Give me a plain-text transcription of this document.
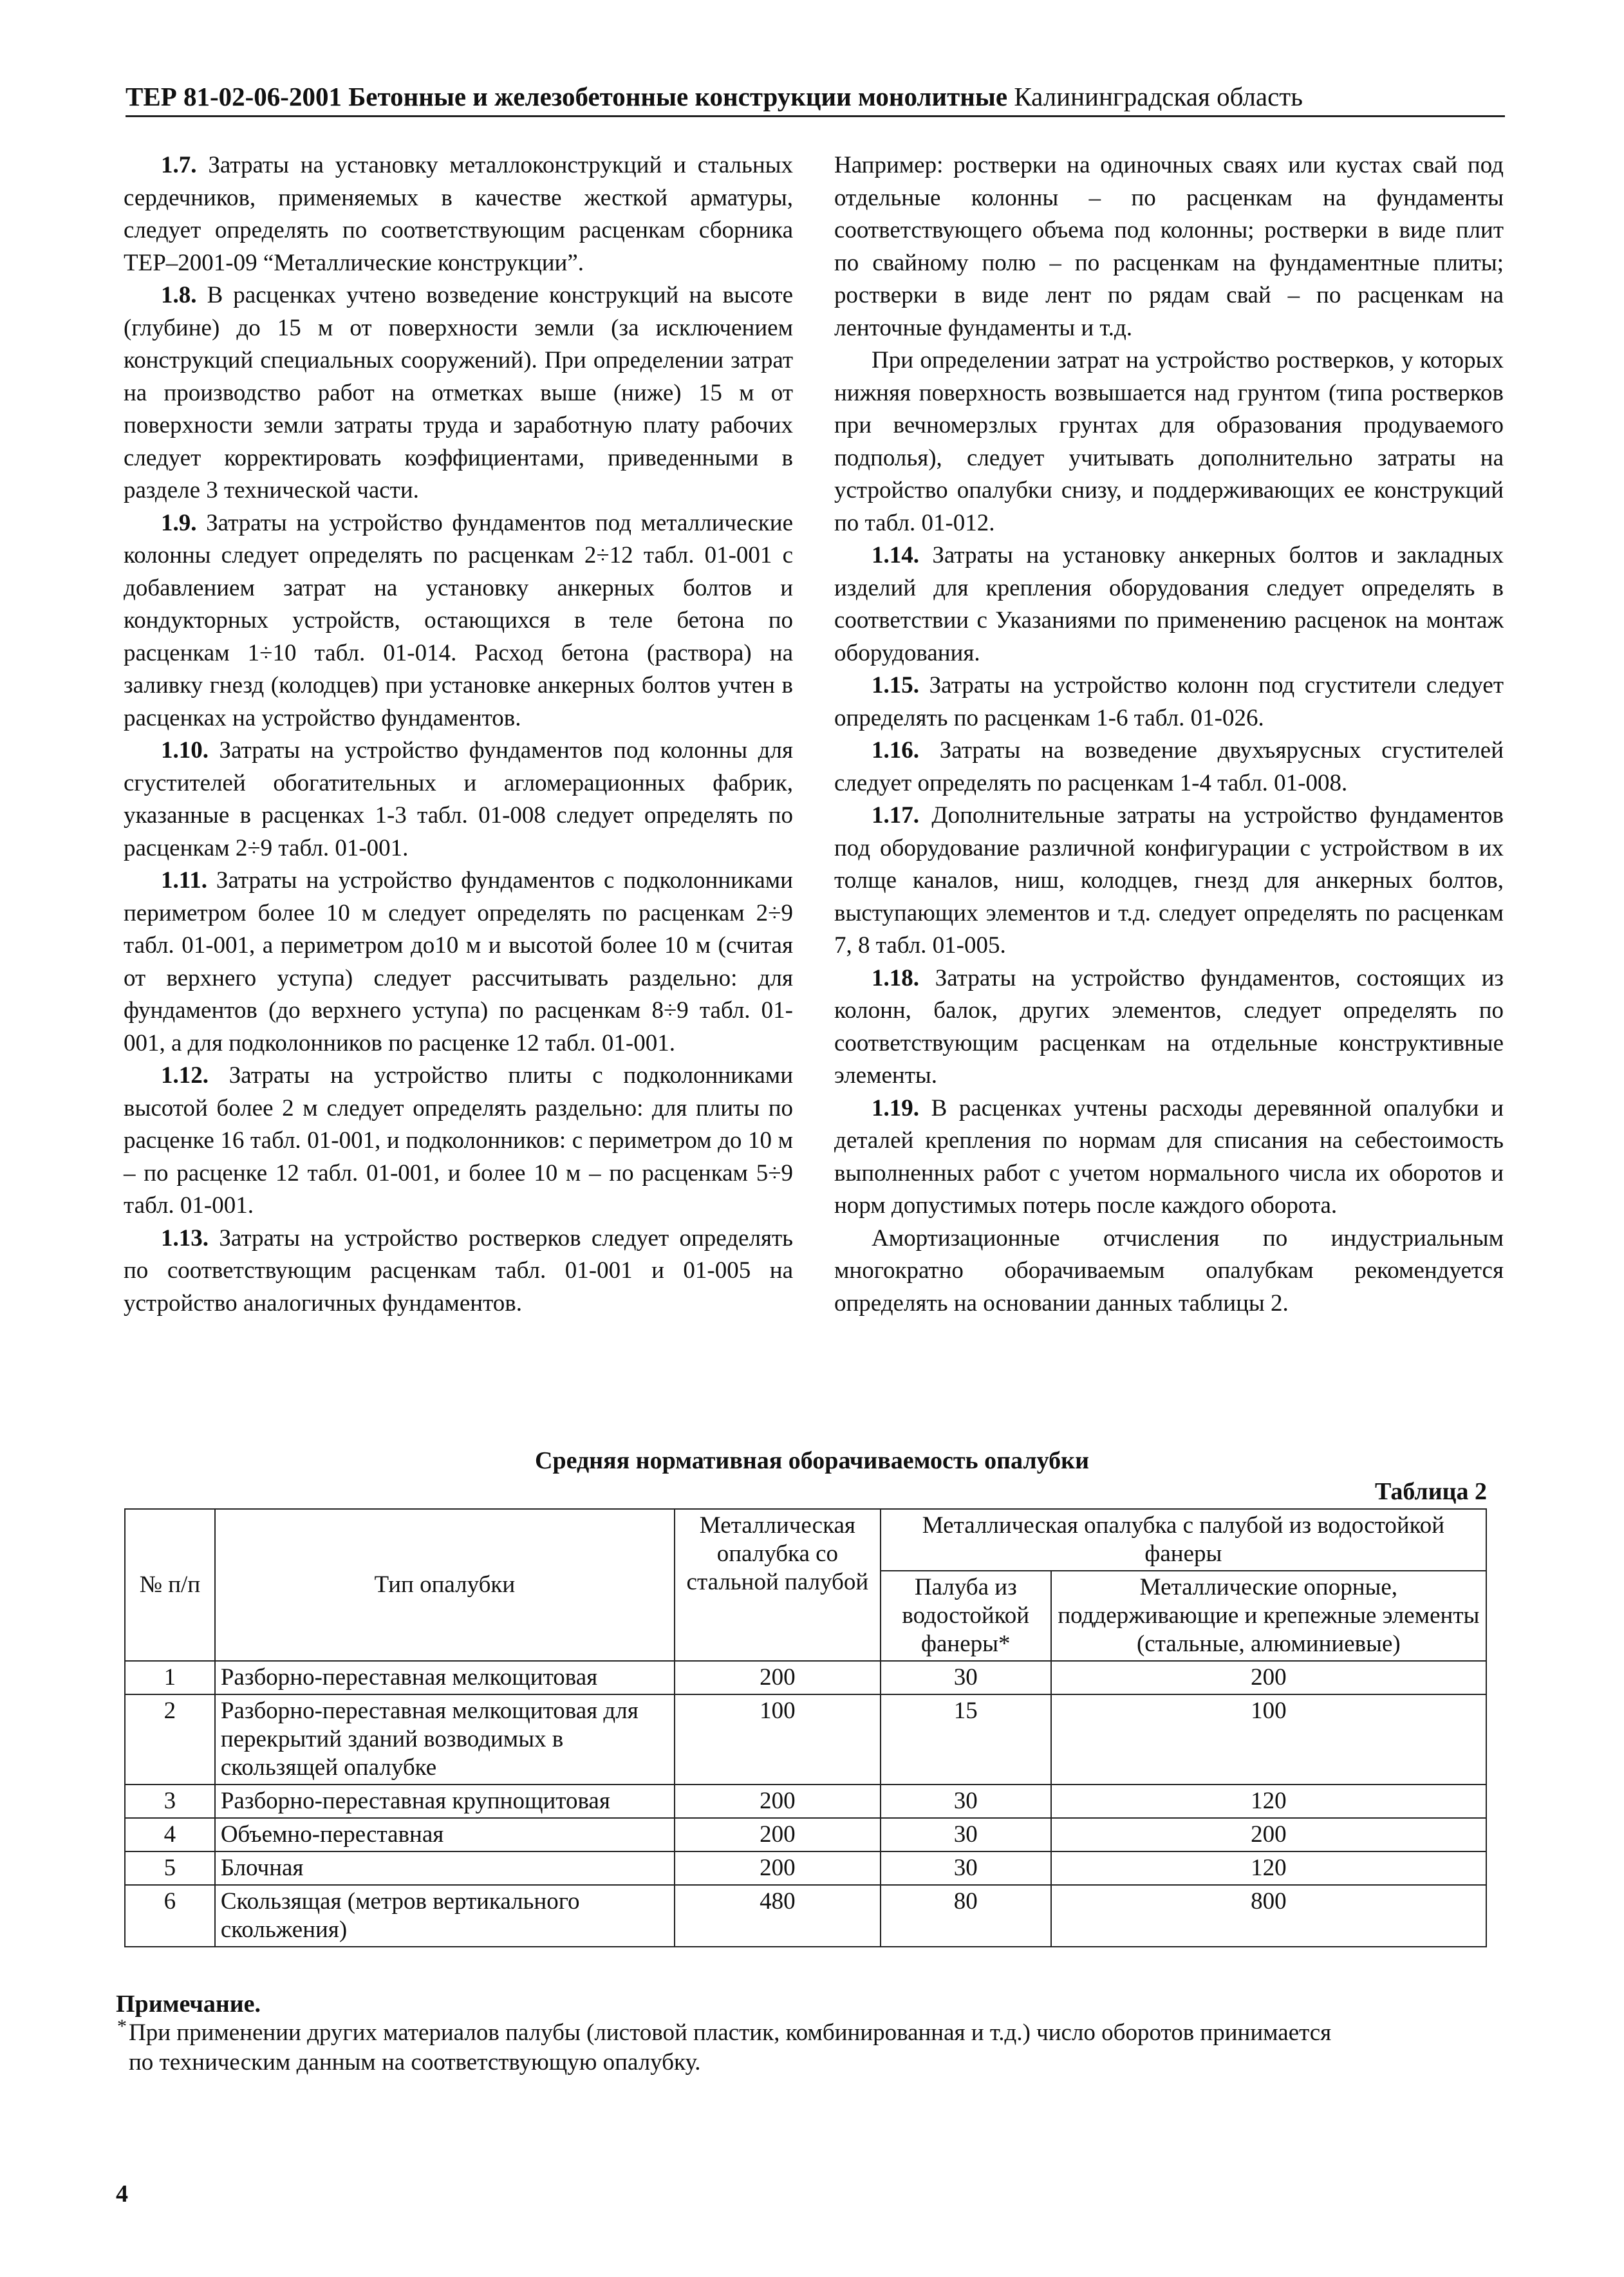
ТЕР 81-02-06-2001 Бетонные и железобетонные конструкции монолитные Калининградская область

1.7. Затраты на установку металлоконструкций и стальных сердечников, применяемых в качестве жесткой арматуры, следует определять по соответствующим расценкам сборника ТЕР–2001-09 “Металлические конструкции”.

1.8. В расценках учтено возведение конструкций на высоте (глубине) до 15 м от поверхности земли (за исключением конструкций специальных сооружений). При определении затрат на производство работ на отметках выше (ниже) 15 м от поверхности земли затраты труда и заработную плату рабочих следует корректировать коэффициентами, приведенными в разделе 3 технической части.

1.9. Затраты на устройство фундаментов под металлические колонны следует определять по расценкам 2÷12 табл. 01-001 с добавлением затрат на установку анкерных болтов и кондукторных устройств, остающихся в теле бетона по расценкам 1÷10 табл. 01-014. Расход бетона (раствора) на заливку гнезд (колодцев) при установке анкерных болтов учтен в расценках на устройство фундаментов.

1.10. Затраты на устройство фундаментов под колонны для сгустителей обогатительных и агломерационных фабрик, указанные в расценках 1-3 табл. 01-008 следует определять по расценкам 2÷9 табл. 01-001.

1.11. Затраты на устройство фундаментов с подколонниками периметром более 10 м следует определять по расценкам 2÷9 табл. 01-001, а периметром до10 м и высотой более 10 м (считая от верхнего уступа) следует рассчитывать раздельно: для фундаментов (до верхнего уступа) по расценкам 8÷9 табл. 01-001, а для подколонников по расценке 12 табл. 01-001.

1.12. Затраты на устройство плиты с подколонниками высотой более 2 м следует определять раздельно: для плиты по расценке 16 табл. 01-001, и подколонников: с периметром до 10 м – по расценке 12 табл. 01-001, и более 10 м – по расценкам 5÷9 табл. 01-001.

1.13. Затраты на устройство ростверков следует определять по соответствующим расценкам табл. 01-001 и 01-005 на устройство аналогичных фундаментов.

Например: ростверки на одиночных сваях или кустах свай под отдельные колонны – по расценкам на фундаменты соответствующего объема под колонны; ростверки в виде плит по свайному полю – по расценкам на фундаментные плиты; ростверки в виде лент по рядам свай – по расценкам на ленточные фундаменты и т.д.

При определении затрат на устройство ростверков, у которых нижняя поверхность возвышается над грунтом (типа ростверков при вечномерзлых грунтах для образования продуваемого подполья), следует учитывать дополнительно затраты на устройство опалубки снизу, и поддерживающих ее конструкций по табл. 01-012.

1.14. Затраты на установку анкерных болтов и закладных изделий для крепления оборудования следует определять в соответствии с Указаниями по применению расценок на монтаж оборудования.

1.15. Затраты на устройство колонн под сгустители следует определять по расценкам 1-6 табл. 01-026.

1.16. Затраты на возведение двухъярусных сгустителей следует определять по расценкам 1-4 табл. 01-008.

1.17. Дополнительные затраты на устройство фундаментов под оборудование различной конфигурации с устройством в их толще каналов, ниш, колодцев, гнезд для анкерных болтов, выступающих элементов и т.д. следует определять по расценкам 7, 8 табл. 01-005.

1.18. Затраты на устройство фундаментов, состоящих из колонн, балок, других элементов, следует определять по соответствующим расценкам на отдельные конструктивные элементы.

1.19. В расценках учтены расходы деревянной опалубки и деталей крепления по нормам для списания на себестоимость выполненных работ с учетом нормального числа их оборотов и норм допустимых потерь после каждого оборота.

Амортизационные отчисления по индустриальным многократно оборачиваемым опалубкам рекомендуется определять на основании данных таблицы 2.

Средняя нормативная оборачиваемость опалубки
Таблица 2
№ п/п	Тип опалубки	Металлическая опалубка со стальной палубой	Металлическая опалубка с палубой из водостойкой фанеры	
			Палуба из водостойкой фанеры*	Металлические опорные, поддерживающие и крепежные элементы (стальные, алюминиевые)
1	Разборно-переставная мелкощитовая	200	30	200
2	Разборно-переставная мелкощитовая для перекрытий зданий возводимых в скользящей опалубке	100	15	100
3	Разборно-переставная крупнощитовая	200	30	120
4	Объемно-переставная	200	30	200
5	Блочная	200	30	120
6	Скользящая (метров вертикального скольжения)	480	80	800
Примечание.
* При применении других материалов палубы (листовой пластик, комбинированная и т.д.) число оборотов принимается по техническим данным на соответствующую опалубку.
4
